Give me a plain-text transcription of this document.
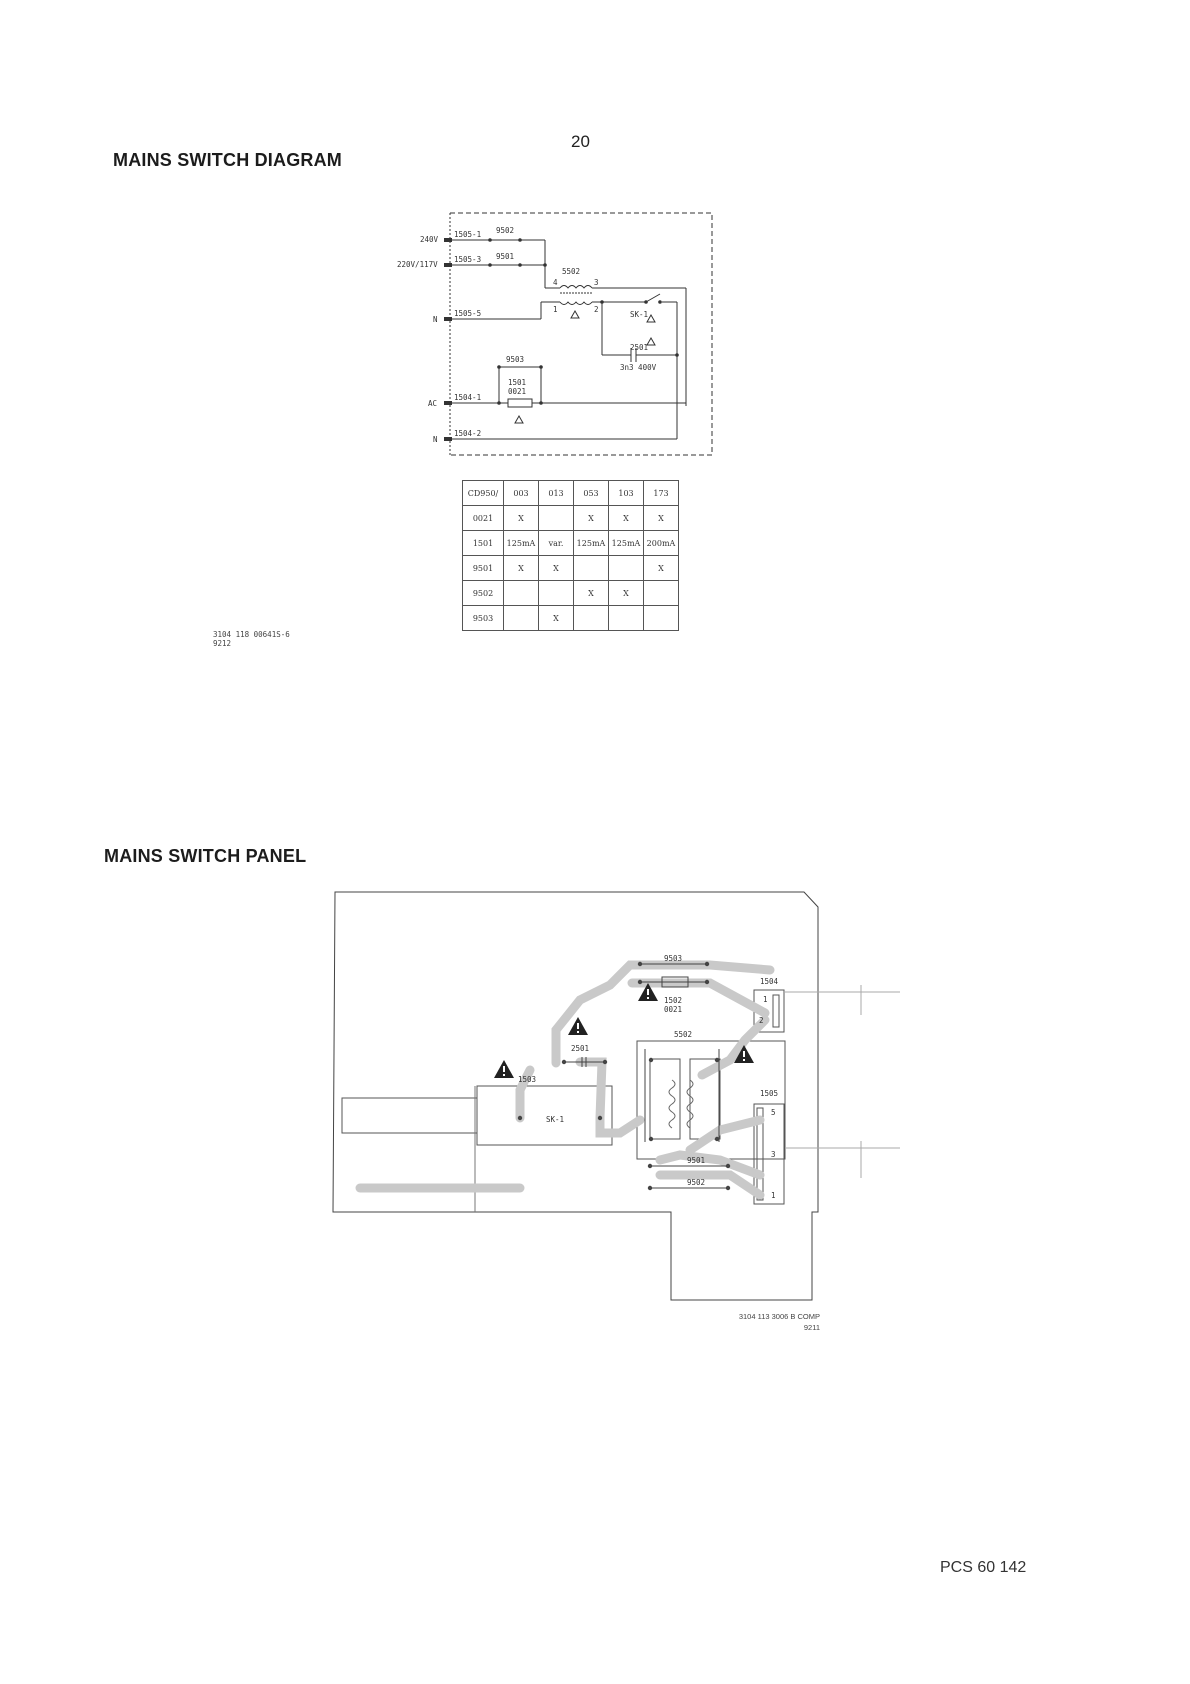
20
MAINS SWITCH DIAGRAM
240V
220V/117V
N
AC
N
1505-1
1505-3
1505-5
1504-1
1504-2
9502
9501
5502
4	3
1	2
SK-1
2501
3n3 400V
9503
1501
0021
CD950/	003	013	053	103	173
0021	X		X	X	X
1501	125mA	var.	125mA	125mA	200mA
9501	X	X			X
9502			X	X	
9503		X			
3104 118 00641S-6
9212
MAINS SWITCH PANEL
9503
1504
1502
0021
5502
2501
1503
SK-1
1505
9501
9502
1
2
5
3
1
3104 113 3006 B COMP
9211
PCS 60 142
